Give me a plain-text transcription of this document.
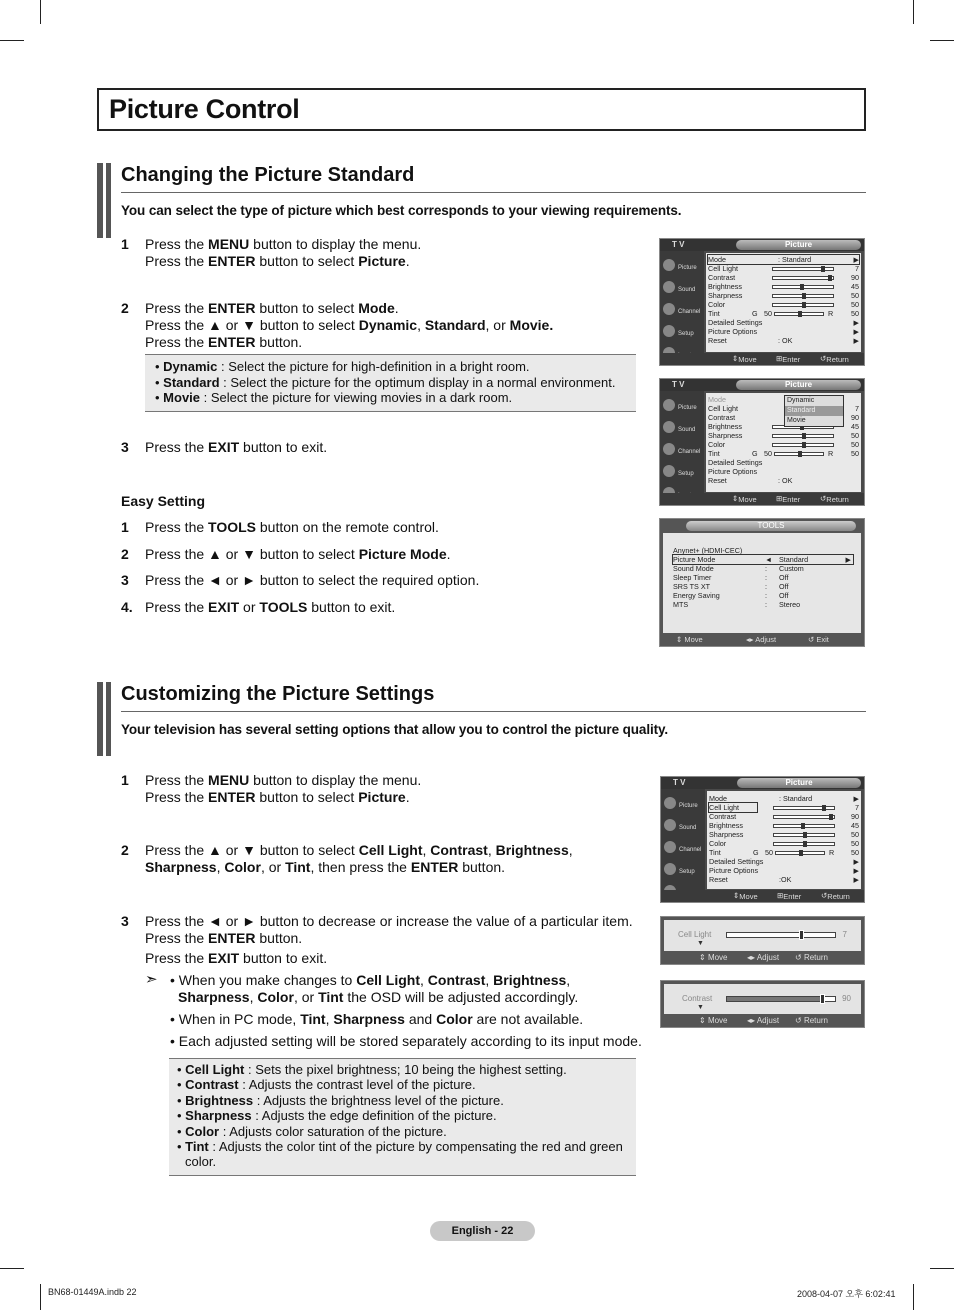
Picture Control
Changing the Picture Standard
You can select the type of picture which best corresponds to your viewing requirements.
1 Press the MENU button to display the menu.
Press the ENTER button to select Picture.
2 Press the ENTER button to select Mode.
Press the ▲ or ▼ button to select Dynamic, Standard, or Movie.
Press the ENTER button.
• Dynamic : Select the picture for high-definition in a bright room.
• Standard : Select the picture for the optimum display in a normal environment.
• Movie : Select the picture for viewing movies in a dark room.
3 Press the EXIT button to exit.
Easy Setting
1 Press the TOOLS button on the remote control.
2 Press the ▲ or ▼ button to select Picture Mode.
3 Press the ◄ or ► button to select the required option.
4. Press the EXIT or TOOLS button to exit.
T V	Picture
Picture
Sound
Channel
Setup
Mode	: Standard	▶
Cell Light	7
Contrast	90
Brightness	45
Sharpness	50
Color	50
Tint	G 50	R 50
Detailed Settings	▶
Picture Options	▶
Reset	: OK	▶
⇕ Move	⊞ Enter	↺ Return
T V	Picture
Picture
Sound
Channel
Setup
Mode
Cell Light	7
Contrast	90
Brightness	45
Sharpness	50
Color	50
Tint	G 50	R 50
Detailed Settings
Picture Options
Reset	: OK
Dynamic
Standard
Movie
⇕ Move	⊞ Enter	↺ Return
TOOLS
Anynet+ (HDMI-CEC)
Picture Mode	◄ Standard	▶
Sound Mode	: Custom
Sleep Timer	: Off
SRS TS XT	: Off
Energy Saving	: Off
MTS	: Stereo
⇕ Move	◂▸ Adjust	↺ Exit
Customizing the Picture Settings
Your television has several setting options that allow you to control the picture quality.
1 Press the MENU button to display the menu.
Press the ENTER button to select Picture.
2 Press the ▲ or ▼ button to select Cell Light, Contrast, Brightness,
Sharpness, Color, or Tint, then press the ENTER button.
3 Press the ◄ or ► button to decrease or increase the value of a particular item.
Press the ENTER button.
Press the EXIT button to exit.
➣ • When you make changes to Cell Light, Contrast, Brightness,
Sharpness, Color, or Tint the OSD will be adjusted accordingly.
• When in PC mode, Tint, Sharpness and Color are not available.
• Each adjusted setting will be stored separately according to its input mode.
• Cell Light : Sets the pixel brightness; 10 being the highest setting.
• Contrast : Adjusts the contrast level of the picture.
• Brightness : Adjusts the brightness level of the picture.
• Sharpness : Adjusts the edge definition of the picture.
• Color : Adjusts color saturation of the picture.
• Tint : Adjusts the color tint of the picture by compensating the red and green
color.
T V	Picture
Picture
Sound
Channel
Setup
Mode	: Standard	▶
Cell Light	7
Contrast	90
Brightness	45
Sharpness	50
Color	50
Tint	G 50	R 50
Detailed Settings	▶
Picture Options	▶
Reset	:OK	▶
⇕ Move	⊞ Enter	↺ Return
Cell Light
▼
7
⇕ Move ◂▸ Adjust ↺ Return
Contrast
▼
90
⇕ Move ◂▸ Adjust ↺ Return
English - 22
BN68-01449A.indb 22	2008-04-07 오후 6:02:41
